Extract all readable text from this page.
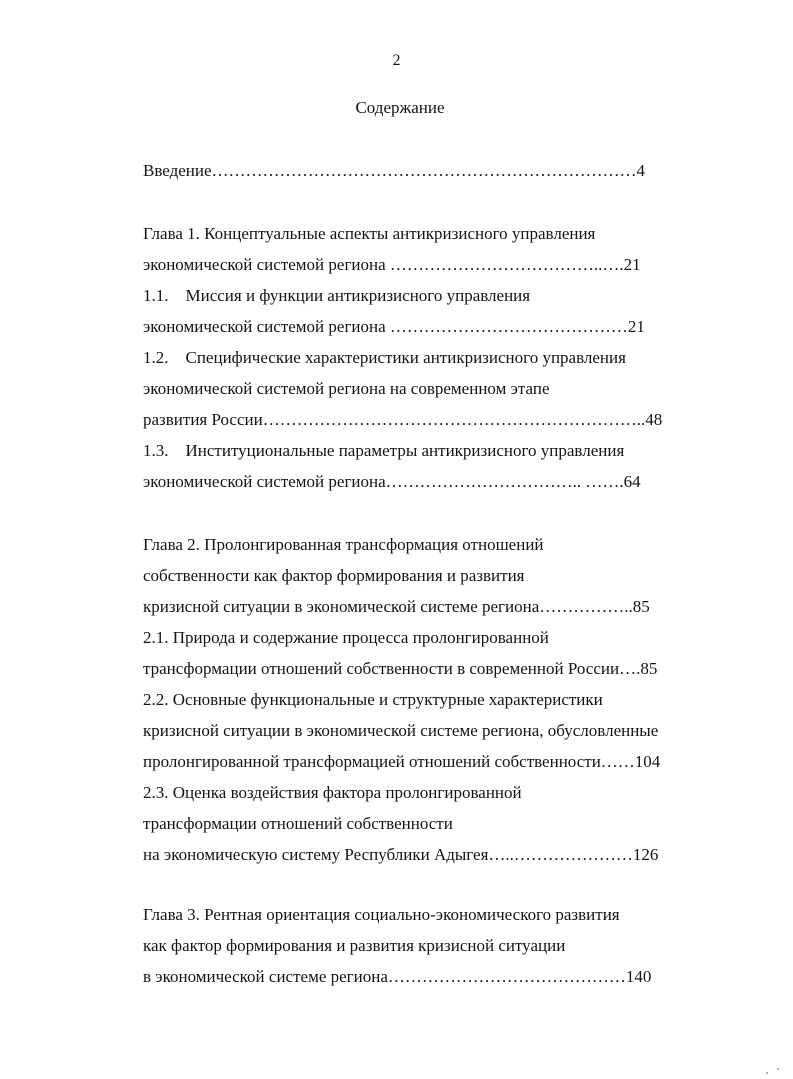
2
Содержание
Введение…………………………………………………………………4
Глава 1. Концептуальные аспекты антикризисного управления
экономической системой региона ………………………………..….21
1.1.    Миссия и функции антикризисного управления
экономической системой региона ……………………………………21
1.2.    Специфические характеристики антикризисного управления
экономической системой региона на современном этапе
развития России…………………………………………………………..48
1.3.    Институциональные параметры антикризисного управления
экономической системой региона…………………………….. …….64
Глава 2. Пролонгированная трансформация отношений
собственности как фактор формирования и развития
кризисной ситуации в экономической системе региона……………..85
2.1. Природа и содержание процесса пролонгированной
трансформации отношений собственности в современной России….85
2.2. Основные функциональные и структурные характеристики
кризисной ситуации в экономической системе региона, обусловленные
пролонгированной трансформацией отношений собственности……104
2.3. Оценка воздействия фактора пролонгированной
трансформации отношений собственности
на экономическую систему Республики Адыгея…..…………………126
Глава 3. Рентная ориентация социально-экономического развития
как фактор формирования и развития кризисной ситуации
в экономической системе региона……………………………………140
